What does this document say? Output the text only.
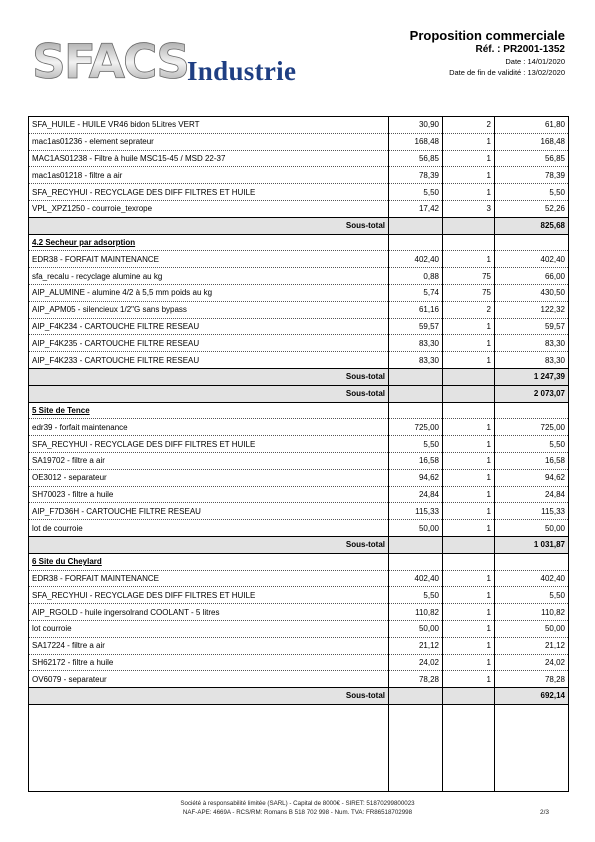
SFACS
Industrie
Proposition commerciale
Réf. : PR2001-1352
Date : 14/01/2020
Date de fin de validité : 13/02/2020
SFA_HUILE - HUILE VR46 bidon 5Litres VERT	30,90	2	61,80
mac1as01236 - element seprateur	168,48	1	168,48
MAC1AS01238 - Filtre à huile MSC15-45 / MSD 22-37	56,85	1	56,85
mac1as01218 - filtre a air	78,39	1	78,39
SFA_RECYHUI - RECYCLAGE DES DIFF FILTRES ET HUILE	5,50	1	5,50
VPL_XPZ1250 - courroie_texrope	17,42	3	52,26
Sous-total			825,68
4.2 Secheur par adsorption			
EDR38 - FORFAIT MAINTENANCE	402,40	1	402,40
sfa_recalu - recyclage alumine au kg	0,88	75	66,00
AIP_ALUMINE - alumine 4/2 à 5,5 mm poids au kg	5,74	75	430,50
AIP_APM05 - silencieux 1/2"G sans bypass	61,16	2	122,32
AIP_F4K234 - CARTOUCHE FILTRE RESEAU	59,57	1	59,57
AIP_F4K235 - CARTOUCHE FILTRE RESEAU	83,30	1	83,30
AIP_F4K233 - CARTOUCHE FILTRE RESEAU	83,30	1	83,30
Sous-total			1 247,39
Sous-total			2 073,07
5 Site de Tence			
edr39 - forfait maintenance	725,00	1	725,00
SFA_RECYHUI - RECYCLAGE DES DIFF FILTRES ET HUILE	5,50	1	5,50
SA19702 - filtre a air	16,58	1	16,58
OE3012 - separateur	94,62	1	94,62
SH70023 - filtre a huile	24,84	1	24,84
AIP_F7D36H - CARTOUCHE FILTRE RESEAU	115,33	1	115,33
lot de courroie	50,00	1	50,00
Sous-total			1 031,87
6 Site du Cheylard			
EDR38 - FORFAIT MAINTENANCE	402,40	1	402,40
SFA_RECYHUI - RECYCLAGE DES DIFF FILTRES ET HUILE	5,50	1	5,50
AIP_RGOLD - huile ingersolrand COOLANT - 5 litres	110,82	1	110,82
lot courroie	50,00	1	50,00
SA17224 - filtre a air	21,12	1	21,12
SH62172 - filtre a huile	24,02	1	24,02
OV6079 - separateur	78,28	1	78,28
Sous-total			692,14

Société à responsabilité limitée (SARL) - Capital de 8000€ - SIRET: 51870299800023
NAF-APE: 4669A - RCS/RM: Romans B 518 702 998 - Num. TVA: FR86518702998	2/3
